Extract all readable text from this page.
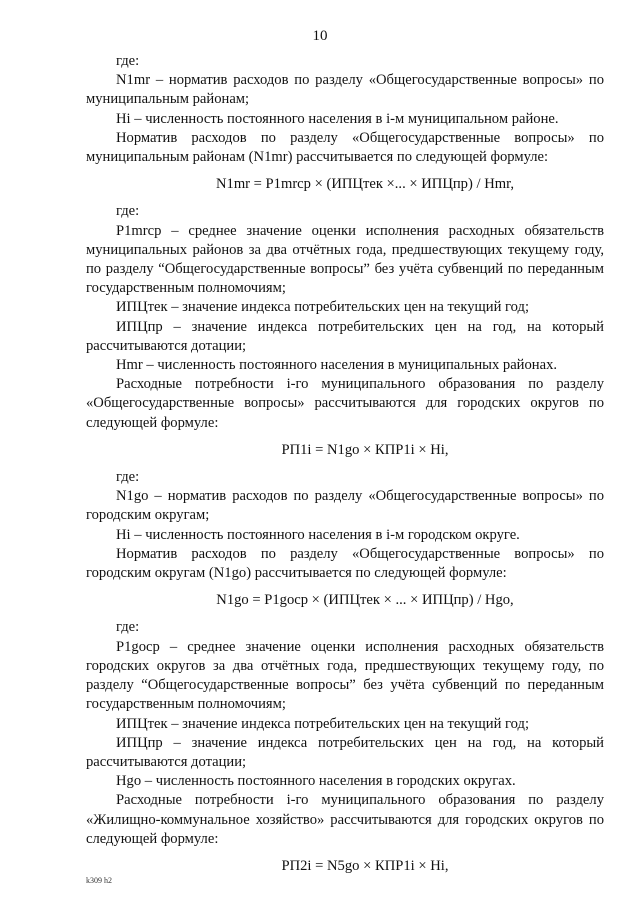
10

где:

N1mr – норматив расходов по разделу «Общегосударственные вопросы» по муниципальным районам;

Hi – численность постоянного населения в i-м муниципальном районе.

Норматив расходов по разделу «Общегосударственные вопросы» по муниципальным районам (N1mr) рассчитывается по следующей формуле:

N1mr = P1mrср × (ИПЦтек ×... × ИПЦпр) / Hmr,

где:

P1mrср – среднее значение оценки исполнения расходных обязательств муниципальных районов за два отчётных года, предшествующих текущему году, по разделу “Общегосударственные вопросы” без учёта субвенций по переданным государственным полномочиям;

ИПЦтек – значение индекса потребительских цен на текущий год;

ИПЦпр – значение индекса потребительских цен на год, на который рассчитываются дотации;

Hmr – численность постоянного населения в муниципальных районах.

Расходные потребности i-го муниципального образования по разделу «Общегосударственные вопросы» рассчитываются для городских округов по следующей формуле:

РП1i = N1go × КПР1i × Hi,

где:

N1go – норматив расходов по разделу «Общегосударственные вопросы» по городским округам;

Hi – численность постоянного населения в i-м городском округе.

Норматив расходов по разделу «Общегосударственные вопросы» по городским округам (N1go) рассчитывается по следующей формуле:

N1go = P1goср × (ИПЦтек × ... × ИПЦпр) / Hgo,

где:

P1goср – среднее значение оценки исполнения расходных обязательств городских округов за два отчётных года, предшествующих текущему году, по разделу “Общегосударственные вопросы” без учёта субвенций по переданным государственным полномочиям;

ИПЦтек – значение индекса потребительских цен на текущий год;

ИПЦпр – значение индекса потребительских цен на год, на который рассчитываются дотации;

Hgo – численность постоянного населения в городских округах.

Расходные потребности i-го муниципального образования по разделу «Жилищно-коммунальное хозяйство» рассчитываются для городских округов по следующей формуле:

РП2i = N5go × КПР1i × Hi,

k309 h2
